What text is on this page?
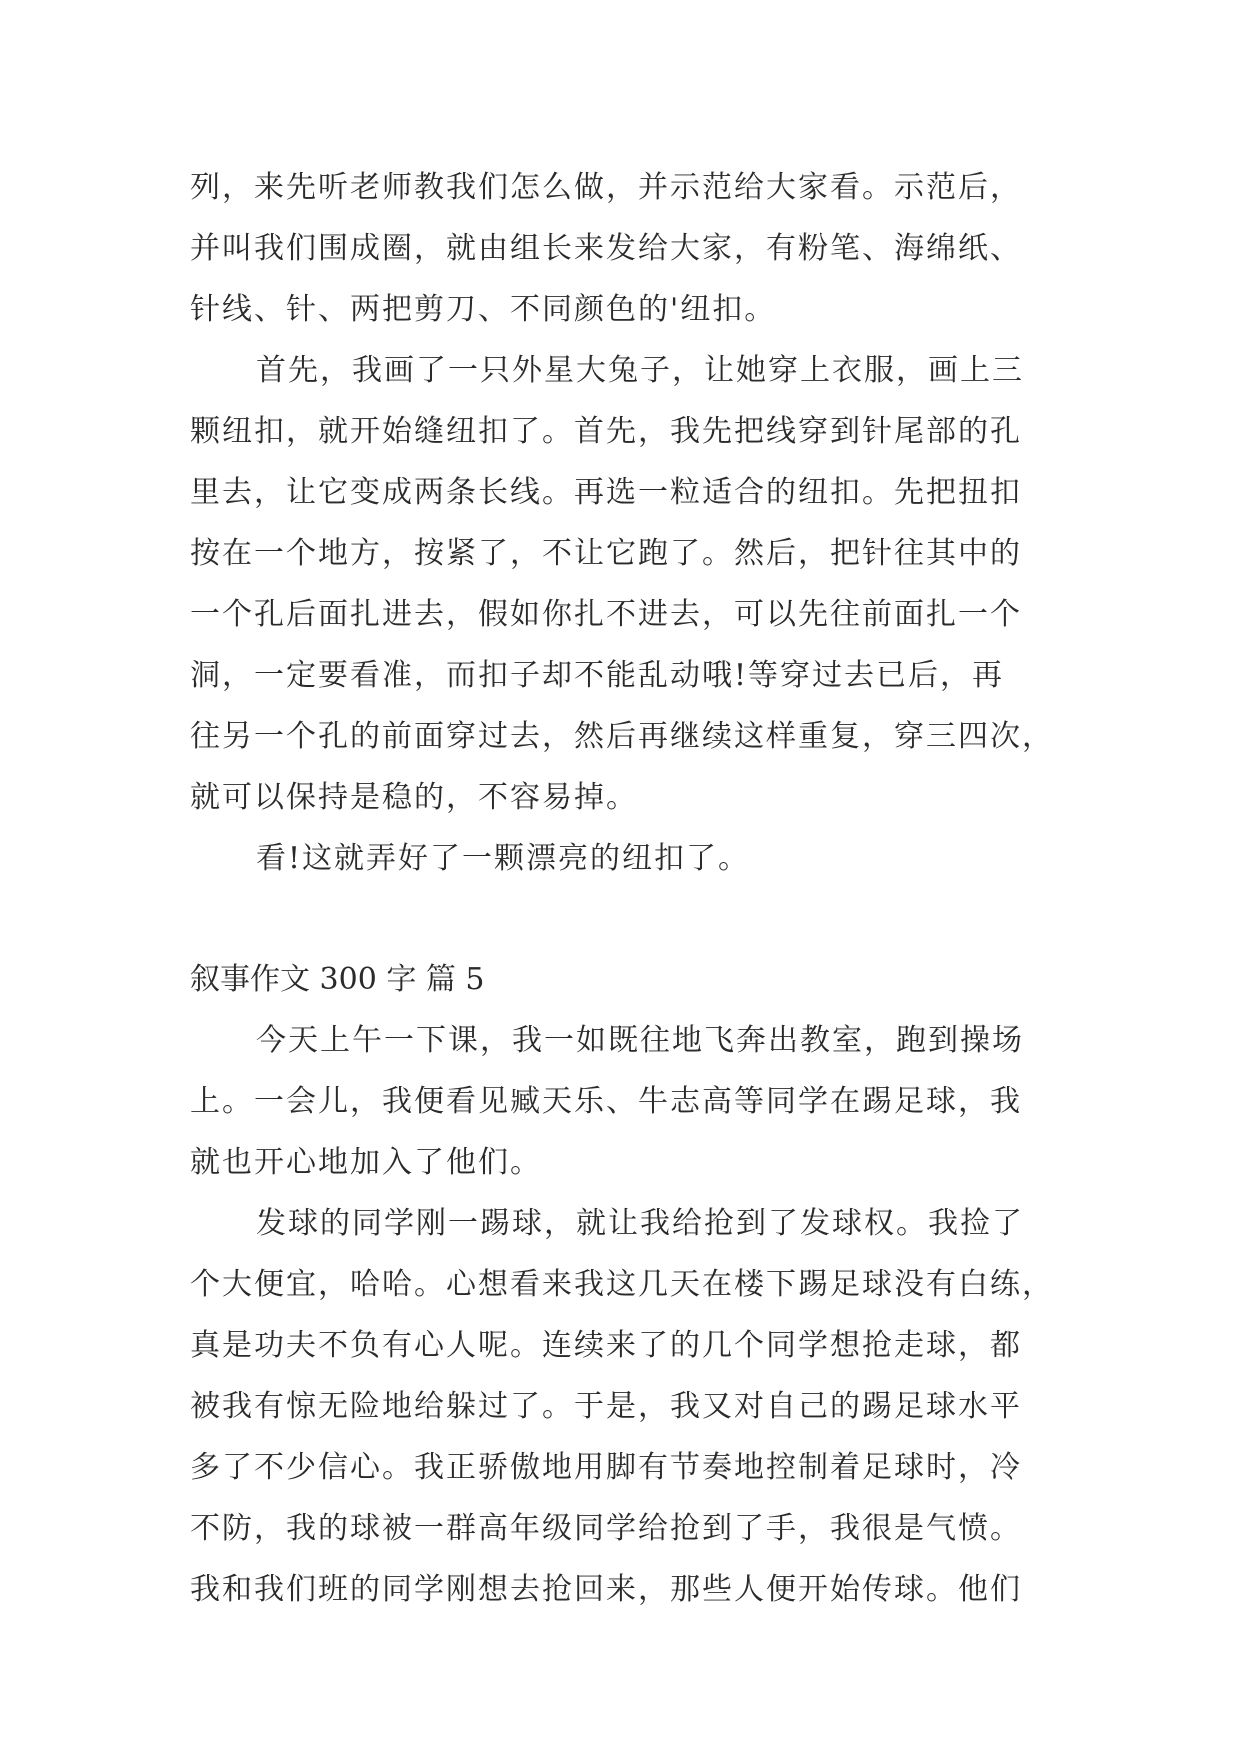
列，来先听老师教我们怎么做，并示范给大家看。示范后，

并叫我们围成圈，就由组长来发给大家，有粉笔、海绵纸、

针线、针、两把剪刀、不同颜色的'纽扣。

首先，我画了一只外星大兔子，让她穿上衣服，画上三

颗纽扣，就开始缝纽扣了。首先，我先把线穿到针尾部的孔

里去，让它变成两条长线。再选一粒适合的纽扣。先把扭扣

按在一个地方，按紧了，不让它跑了。然后，把针往其中的

一个孔后面扎进去，假如你扎不进去，可以先往前面扎一个

洞，一定要看准，而扣子却不能乱动哦!等穿过去已后，再

往另一个孔的前面穿过去，然后再继续这样重复，穿三四次，

就可以保持是稳的，不容易掉。

看!这就弄好了一颗漂亮的纽扣了。

叙事作文 300 字 篇 5

今天上午一下课，我一如既往地飞奔出教室，跑到操场

上。一会儿，我便看见臧天乐、牛志高等同学在踢足球，我

就也开心地加入了他们。

发球的同学刚一踢球，就让我给抢到了发球权。我捡了

个大便宜，哈哈。心想看来我这几天在楼下踢足球没有白练，

真是功夫不负有心人呢。连续来了的几个同学想抢走球，都

被我有惊无险地给躲过了。于是，我又对自己的踢足球水平

多了不少信心。我正骄傲地用脚有节奏地控制着足球时，冷

不防，我的球被一群高年级同学给抢到了手，我很是气愤。

我和我们班的同学刚想去抢回来，那些人便开始传球。他们
